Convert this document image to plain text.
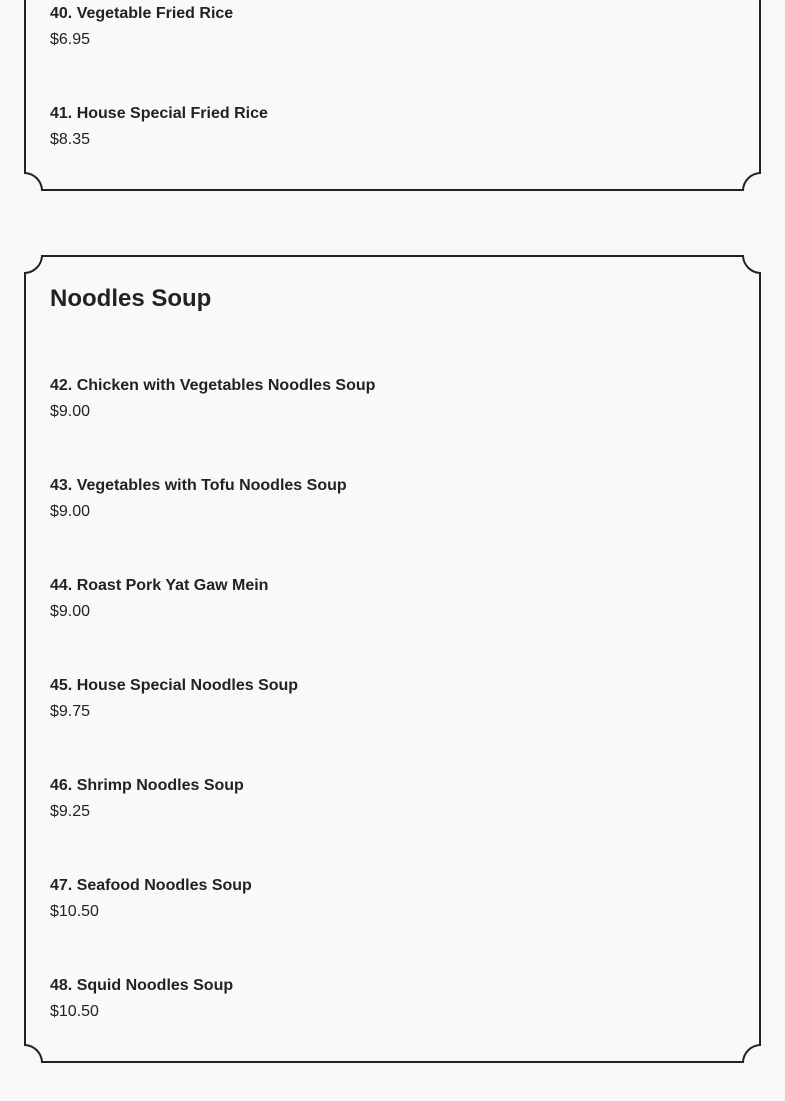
40. Vegetable Fried Rice
$6.95
41. House Special Fried Rice
$8.35
Noodles Soup
42. Chicken with Vegetables Noodles Soup
$9.00
43. Vegetables with Tofu Noodles Soup
$9.00
44. Roast Pork Yat Gaw Mein
$9.00
45. House Special Noodles Soup
$9.75
46. Shrimp Noodles Soup
$9.25
47. Seafood Noodles Soup
$10.50
48. Squid Noodles Soup
$10.50
